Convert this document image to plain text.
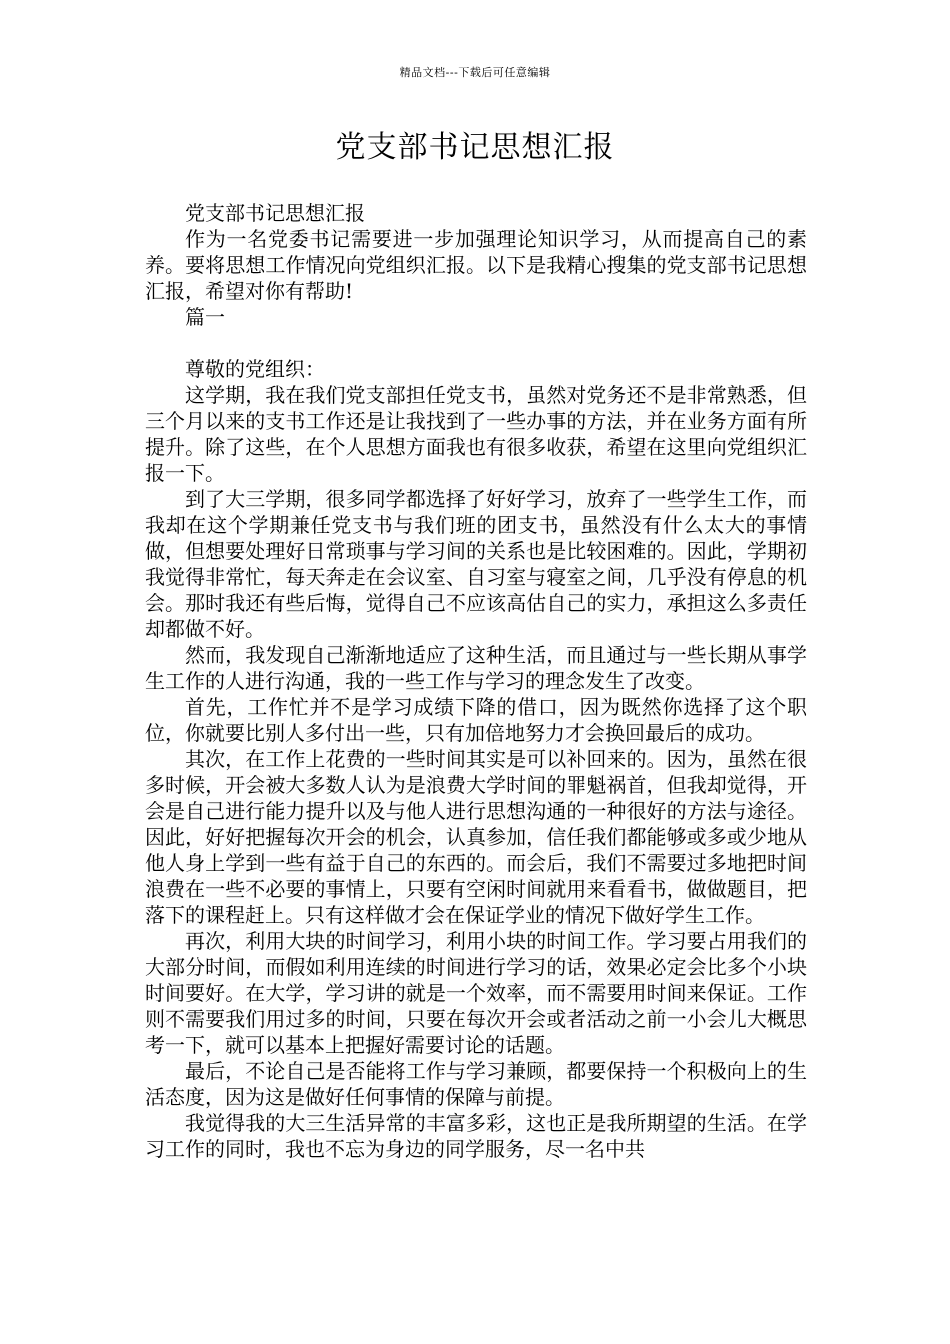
精品文档---下载后可任意编辑
党支部书记思想汇报

党支部书记思想汇报

作为一名党委书记需要进一步加强理论知识学习，从而提高自己的素养。要将思想工作情况向党组织汇报。以下是我精心搜集的党支部书记思想汇报，希望对你有帮助!

篇一

尊敬的党组织：

这学期，我在我们党支部担任党支书，虽然对党务还不是非常熟悉，但三个月以来的支书工作还是让我找到了一些办事的方法，并在业务方面有所提升。除了这些，在个人思想方面我也有很多收获，希望在这里向党组织汇报一下。

到了大三学期，很多同学都选择了好好学习，放弃了一些学生工作，而我却在这个学期兼任党支书与我们班的团支书，虽然没有什么太大的事情做，但想要处理好日常琐事与学习间的关系也是比较困难的。因此，学期初我觉得非常忙，每天奔走在会议室、自习室与寝室之间，几乎没有停息的机会。那时我还有些后悔，觉得自己不应该高估自己的实力，承担这么多责任却都做不好。

然而，我发现自己渐渐地适应了这种生活，而且通过与一些长期从事学生工作的人进行沟通，我的一些工作与学习的理念发生了改变。

首先，工作忙并不是学习成绩下降的借口，因为既然你选择了这个职位，你就要比别人多付出一些，只有加倍地努力才会换回最后的成功。

其次，在工作上花费的一些时间其实是可以补回来的。因为，虽然在很多时候，开会被大多数人认为是浪费大学时间的罪魁祸首，但我却觉得，开会是自己进行能力提升以及与他人进行思想沟通的一种很好的方法与途径。因此，好好把握每次开会的机会，认真参加，信任我们都能够或多或少地从他人身上学到一些有益于自己的东西的。而会后，我们不需要过多地把时间浪费在一些不必要的事情上，只要有空闲时间就用来看看书，做做题目，把落下的课程赶上。只有这样做才会在保证学业的情况下做好学生工作。

再次，利用大块的时间学习，利用小块的时间工作。学习要占用我们的大部分时间，而假如利用连续的时间进行学习的话，效果必定会比多个小块时间要好。在大学，学习讲的就是一个效率，而不需要用时间来保证。工作则不需要我们用过多的时间，只要在每次开会或者活动之前一小会儿大概思考一下，就可以基本上把握好需要讨论的话题。

最后，不论自己是否能将工作与学习兼顾，都要保持一个积极向上的生活态度，因为这是做好任何事情的保障与前提。

我觉得我的大三生活异常的丰富多彩，这也正是我所期望的生活。在学习工作的同时，我也不忘为身边的同学服务，尽一名中共
